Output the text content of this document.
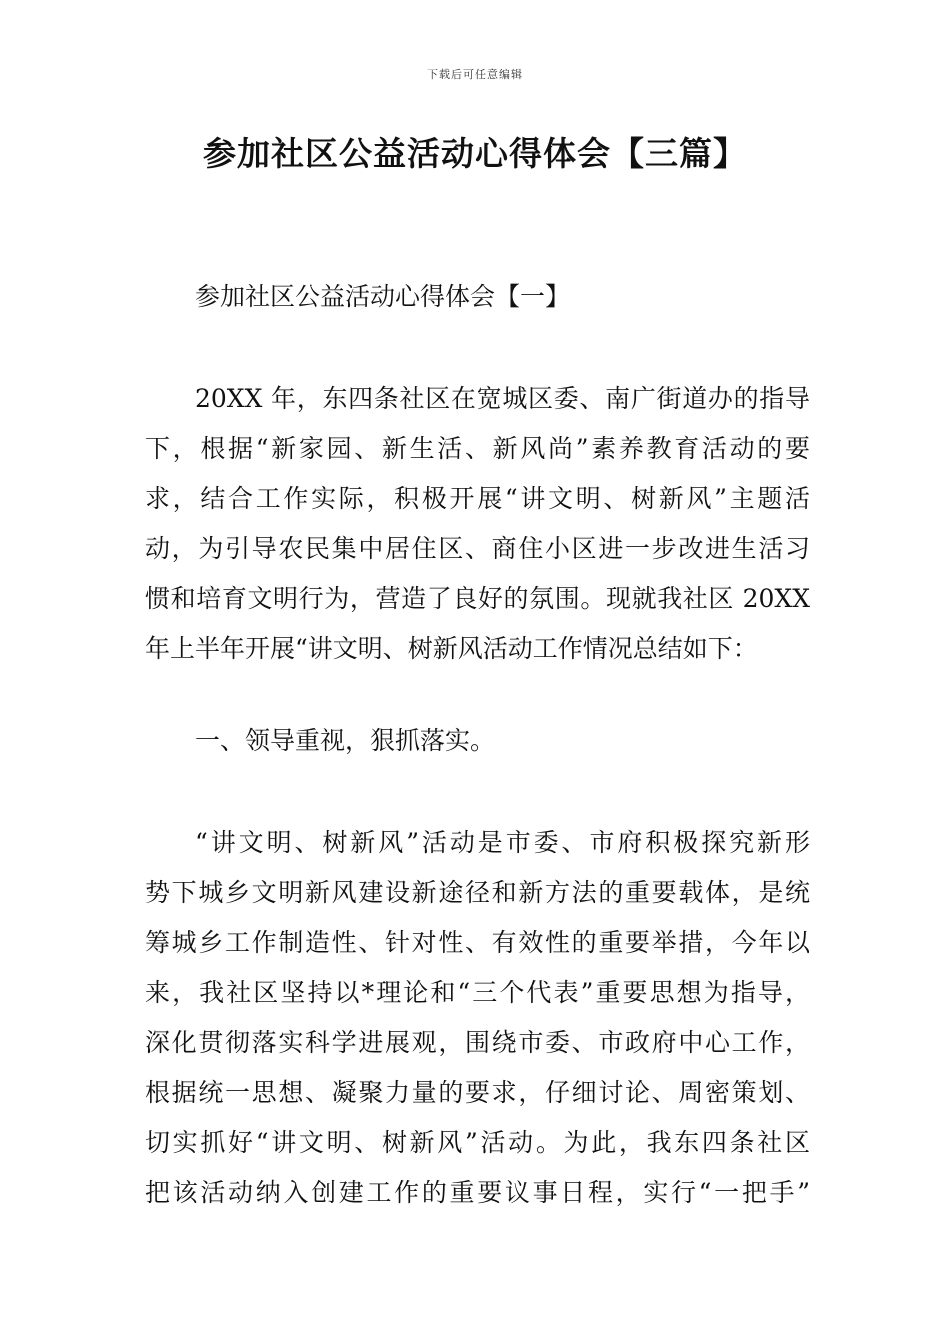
下载后可任意编辑
参加社区公益活动心得体会【三篇】
参加社区公益活动心得体会【一】
20XX 年，东四条社区在宽城区委、南广街道办的指导
下，根据“新家园、新生活、新风尚”素养教育活动的要
求，结合工作实际，积极开展“讲文明、树新风”主题活
动，为引导农民集中居住区、商住小区进一步改进生活习
惯和培育文明行为，营造了良好的氛围。现就我社区 20XX
年上半年开展“讲文明、树新风活动工作情况总结如下：
一、领导重视，狠抓落实。
“讲文明、树新风”活动是市委、市府积极探究新形
势下城乡文明新风建设新途径和新方法的重要载体，是统
筹城乡工作制造性、针对性、有效性的重要举措，今年以
来，我社区坚持以*理论和“三个代表”重要思想为指导，
深化贯彻落实科学进展观，围绕市委、市政府中心工作，
根据统一思想、凝聚力量的要求，仔细讨论、周密策划、
切实抓好“讲文明、树新风”活动。为此，我东四条社区
把该活动纳入创建工作的重要议事日程，实行“一把手”
